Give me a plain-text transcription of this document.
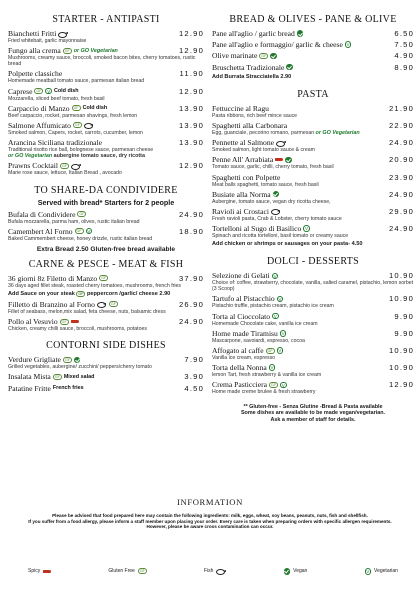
STARTER - ANTIPASTI
Bianchetti Fritti	12.90
Fried whitebait, garlic mayonnaise
Fungo alla crema	GF or GO Vegetarian	12.90
Mushrooms, creamy sauce, broccoli, smoked bacon bites, cherry tomatoes, rustic bread
Polpette classiche	11.90
Homemade meatball tomato sauce, parmesan italian bread
Caprese	GF	V Cold dish	12.90
Mozzarella, sliced beef tomato, fresh basil
Carpaccio di Manzo	GF Cold dish	13.90
Beef carpaccio, rocket, parmesan shavings, fresh lemon
Salmone Affumicato	GF	13.90
Smoked salmon, Capers, rocket, carrots, cucumber, lemon
Arancina Siciliana tradizionale	13.90
Traditional risotto rice ball, bolognese sauce, parmesan cheese
or GO Vegetarian aubergine tomato sauce, dry ricotta
Prawns Cocktail	GF	12.90
Marie rose sauce, lettuce, Italian Bread , avocado
TO SHARE-DA CONDIVIDERE
Served with bread* Starters for 2 people
Bufala di Condividere	GF	24.90
Bufala mozzarella, parma ham, olives, rustic italian bread
Camembert Al Forno	GF	V	18.90
Baked Cammembert cheese, honey drizzle, rustic italian bread
Extra Bread 2.50 Gluten-free bread available
CARNE & PESCE - MEAT & FISH
36 giorni 8z Filetto di Manzo	GF	37.90
36 days aged fillet steak, roasted cherry tomatoes, mushrooms, french fries
Add Sauce on your steak GF peppercorn /garlic/ cheese 2.90
Filletto di Branzino al Forno	GF	26.90
Fillet of seabass, melon,mix salad, feta cheese, nuts, balsamic dress
Pollo al Vesuvio	GF	24.90
Chicken, creamy chilli sauce, broccoli, mushrooms, potatoes
CONTORNI SIDE DISHES
Verdure Grigliate	GF	7.90
Grilled vegetables, aubergine/ zucchini/ peppers/cherry tomato
Insalata Mista	GF Mixed salad	3.90
Patatine Fritte French fries	4.50
BREAD & OLIVES - PANE & OLIVE
Pane all'aglio / garlic bread	6.50
Pane all'aglio e formaggio/ garlic & cheese V	7.50
Olive marinate	GF	4.90
Bruschetta Tradizionale	8.90
Add Burrata Stracciatella 2.90
PASTA
Fettuccine al Ragu	21.90
Pasta ribbons, rich beef mince sauce
Spaghetti alla Carbonara	22.90
Egg, guanciale, pecorino romano, parmesan or GO Vegetarian
Pennette al Salmone	24.90
Smoked salmon, light tomato sauce & cream
Penne All' Arrabiata	20.90
Tomato sauce, garlic, chilli, cherry tomato, fresh basil
Spaghetti con Polpette	23.90
Meat balls spaghetti, tomato sauce, fresh basil
Busiate alla Norma	24.90
Aubergine, tomato sauce, vegan dry ricotta cheese,
Ravioli ai Crostaci	29.90
Fresh ravioli pasta, Crab & Lobster, cherry tomato sauce
Tortelloni al Sugo di Basilico V	24.90
Spinach and ricotta tortelloni, basil tomato or creamy sauce
Add chicken or shrimps or sausages on your pasta- 4.50
DOLCI - DESSERTS
Selezione di Gelati V	10.90
Choice of: coffee, strawberry, chocolate, vanilla, salted caramel, pistachio, lemon sorbet (3 Scoop)
Tartufo al Pistacchio V	10.90
Pistachio truffle, pistachio cream, pistachio ice cream
Torta al Cioccolato V	9.90
Homemade Chocolate cake, vanilla ice cream
Home made Tiramisu V	9.90
Mascarpone, savoiardi, espresso, cocoa
Affogato al caffe	GF	V	10.90
Vanilla ice cream, espresso
Torta della Nonna V	10.90
lemon Tart, fresh strawberry & vanilla ice cream
Crema Pasticciera	GF	V	12.90
Home made creme brulee & fresh strawberry
** Gluten-free - Senza Glutine -Bread & Pasta available
Some dishes are available to be made vegan/vegetarian.
Ask a member of staff for details.
INFORMATION
Please be advised that food prepared here may contain the following ingredients: milk, eggs, wheat, soy beans, peanuts, nuts, fish and shellfish.
If you suffer from a food allergy, please inform a staff member upon placing your order. Every care is taken when preparing orders with specific allergen requirements.
However, please be aware cross contamination can occur.
Spicy	Gluten Free	GF	Fish	Vegan	V Vegetarian
